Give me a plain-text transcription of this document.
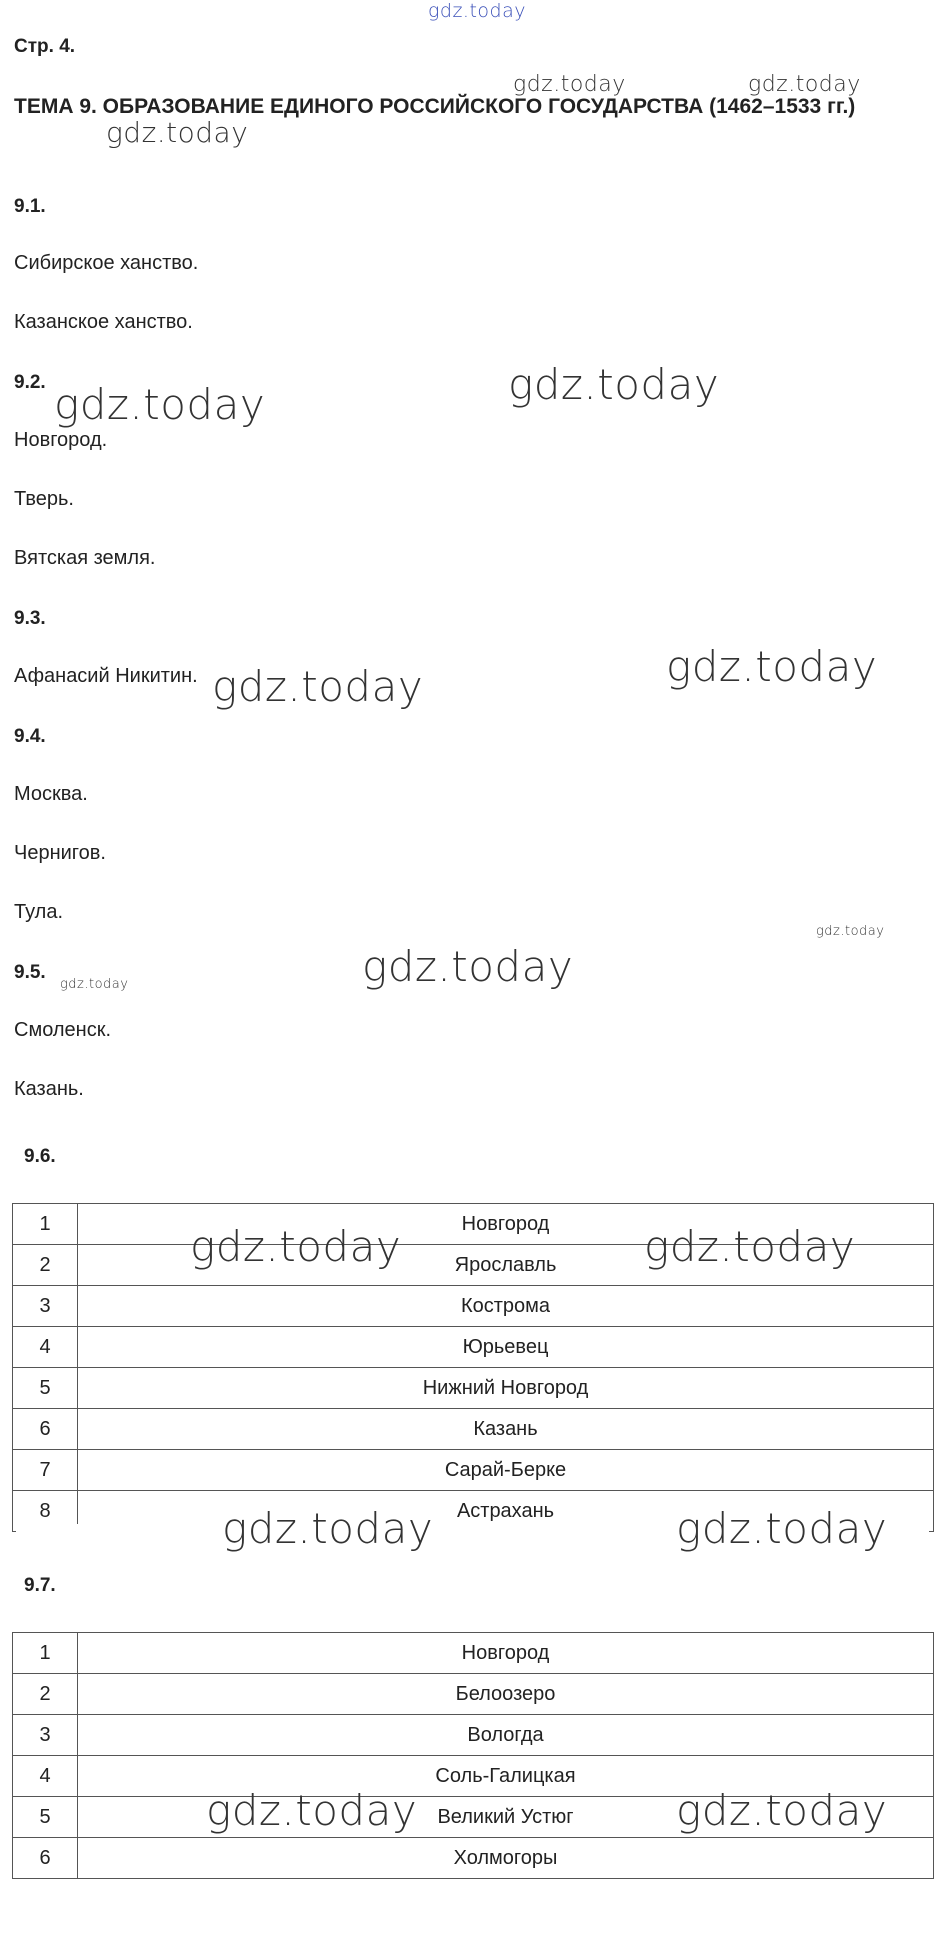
Стр. 4.
ТЕМА 9. ОБРАЗОВАНИЕ ЕДИНОГО РОССИЙСКОГО ГОСУДАРСТВА (1462–1533 гг.)
9.1.
Сибирское ханство.
Казанское ханство.
9.2.
Новгород.
Тверь.
Вятская земля.
9.3.
Афанасий Никитин.
9.4.
Москва.
Чернигов.
Тула.
9.5.
Смоленск.
Казань.
9.6.
1	Новгород
2	Ярославль
3	Кострома
4	Юрьевец
5	Нижний Новгород
6	Казань
7	Сарай-Берке
8	Астрахань
9.7.
1	Новгород
2	Белоозеро
3	Вологда
4	Соль-Галицкая
5	Великий Устюг
6	Холмогоры
gdz.today
gdz.today	gdz.today
gdz.today
gdz.today	gdz.today
gdz.today	gdz.today
gdz.today
gdz.today
gdz.today
gdz.today	gdz.today
gdz.today	gdz.today
gdz.today	gdz.today
